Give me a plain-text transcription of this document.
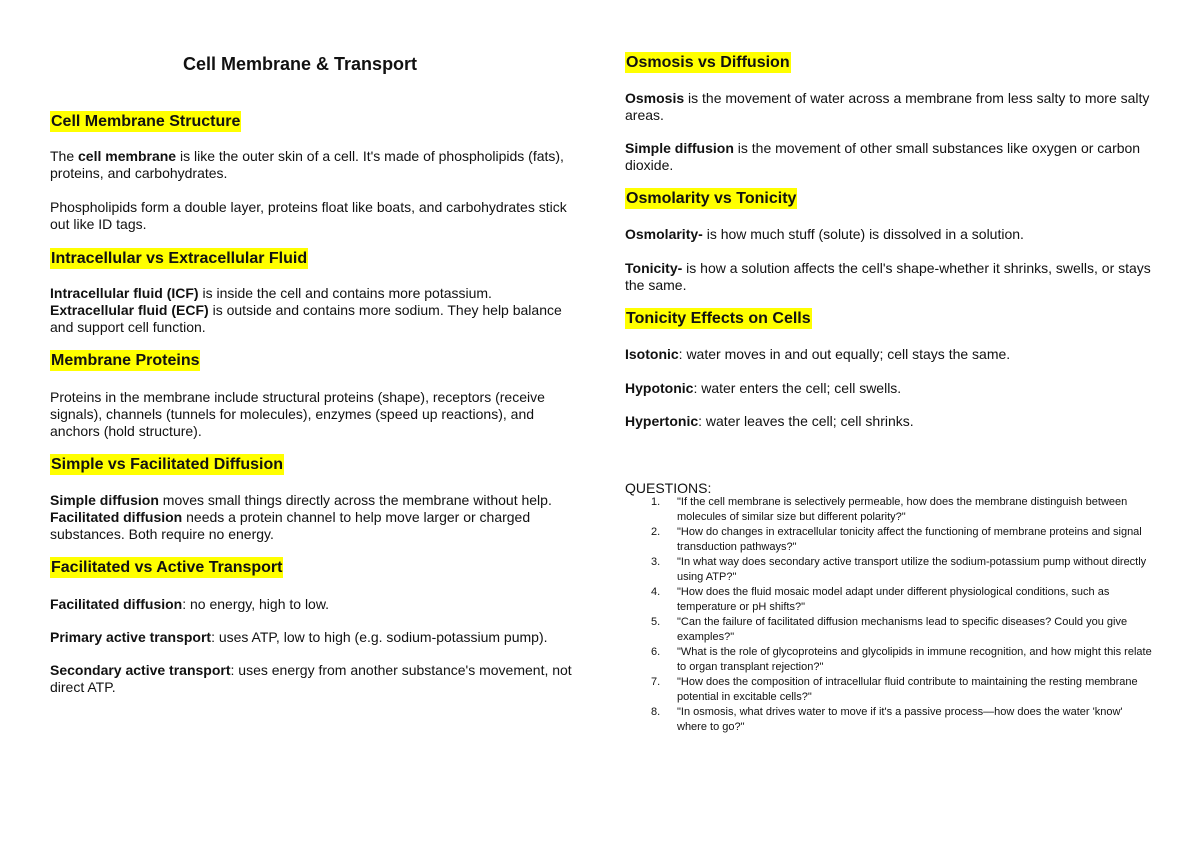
Cell Membrane & Transport
Cell Membrane Structure

The cell membrane is like the outer skin of a cell. It's made of phospholipids (fats), proteins, and carbohydrates.

Phospholipids form a double layer, proteins float like boats, and carbohydrates stick out like ID tags.

Intracellular vs Extracellular Fluid

Intracellular fluid (ICF) is inside the cell and contains more potassium.
Extracellular fluid (ECF) is outside and contains more sodium. They help balance and support cell function.

Membrane Proteins

Proteins in the membrane include structural proteins (shape), receptors (receive signals), channels (tunnels for molecules), enzymes (speed up reactions), and anchors (hold structure).

Simple vs Facilitated Diffusion

Simple diffusion moves small things directly across the membrane without help.
Facilitated diffusion needs a protein channel to help move larger or charged substances. Both require no energy.

Facilitated vs Active Transport

Facilitated diffusion: no energy, high to low.

Primary active transport: uses ATP, low to high (e.g. sodium-potassium pump).

Secondary active transport: uses energy from another substance's movement, not direct ATP.

Osmosis vs Diffusion

Osmosis is the movement of water across a membrane from less salty to more salty areas.

Simple diffusion is the movement of other small substances like oxygen or carbon dioxide.

Osmolarity vs Tonicity

Osmolarity- is how much stuff (solute) is dissolved in a solution.

Tonicity- is how a solution affects the cell's shape-whether it shrinks, swells, or stays the same.

Tonicity Effects on Cells

Isotonic: water moves in and out equally; cell stays the same.

Hypotonic: water enters the cell; cell swells.

Hypertonic: water leaves the cell; cell shrinks.

QUESTIONS:
1. "If the cell membrane is selectively permeable, how does the membrane distinguish between molecules of similar size but different polarity?"
2. "How do changes in extracellular tonicity affect the functioning of membrane proteins and signal transduction pathways?"
3. "In what way does secondary active transport utilize the sodium-potassium pump without directly using ATP?"
4. "How does the fluid mosaic model adapt under different physiological conditions, such as temperature or pH shifts?"
5. "Can the failure of facilitated diffusion mechanisms lead to specific diseases? Could you give examples?"
6. "What is the role of glycoproteins and glycolipids in immune recognition, and how might this relate to organ transplant rejection?"
7. "How does the composition of intracellular fluid contribute to maintaining the resting membrane potential in excitable cells?"
8. "In osmosis, what drives water to move if it's a passive process—how does the water 'know' where to go?"
